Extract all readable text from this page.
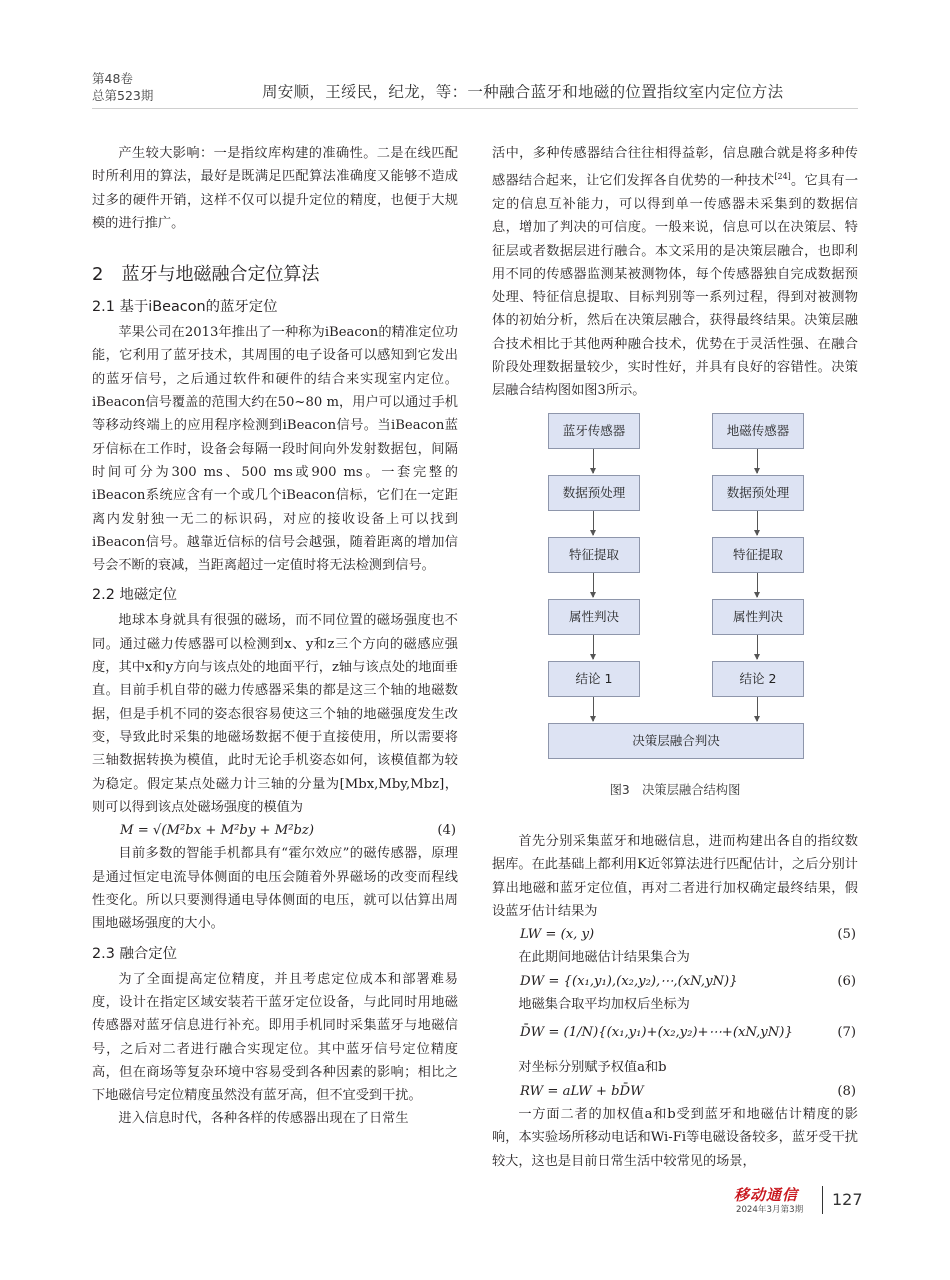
第48卷
总第523期	周安顺，王绥民，纪龙，等：一种融合蓝牙和地磁的位置指纹室内定位方法

产生较大影响：一是指纹库构建的准确性。二是在线匹配时所利用的算法，最好是既满足匹配算法准确度又能够不造成过多的硬件开销，这样不仅可以提升定位的精度，也便于大规模的进行推广。

2　蓝牙与地磁融合定位算法
2.1 基于iBeacon的蓝牙定位

苹果公司在2013年推出了一种称为iBeacon的精准定位功能，它利用了蓝牙技术，其周围的电子设备可以感知到它发出的蓝牙信号，之后通过软件和硬件的结合来实现室内定位。iBeacon信号覆盖的范围大约在50~80 m，用户可以通过手机等移动终端上的应用程序检测到iBeacon信号。当iBeacon蓝牙信标在工作时，设备会每隔一段时间向外发射数据包，间隔时间可分为300 ms、500 ms或900 ms。一套完整的iBeacon系统应含有一个或几个iBeacon信标，它们在一定距离内发射独一无二的标识码，对应的接收设备上可以找到iBeacon信号。越靠近信标的信号会越强，随着距离的增加信号会不断的衰减，当距离超过一定值时将无法检测到信号。

2.2 地磁定位

地球本身就具有很强的磁场，而不同位置的磁场强度也不同。通过磁力传感器可以检测到x、y和z三个方向的磁感应强度，其中x和y方向与该点处的地面平行，z轴与该点处的地面垂直。目前手机自带的磁力传感器采集的都是这三个轴的地磁数据，但是手机不同的姿态很容易使这三个轴的地磁强度发生改变，导致此时采集的地磁场数据不便于直接使用，所以需要将三轴数据转换为模值，此时无论手机姿态如何，该模值都为较为稳定。假定某点处磁力计三轴的分量为[Mbx,Mby,Mbz]，则可以得到该点处磁场强度的模值为

M = √(M²bx + M²by + M²bz)	(4)

目前多数的智能手机都具有“霍尔效应”的磁传感器，原理是通过恒定电流导体侧面的电压会随着外界磁场的改变而程线性变化。所以只要测得通电导体侧面的电压，就可以估算出周围地磁场强度的大小。

2.3 融合定位

为了全面提高定位精度，并且考虑定位成本和部署难易度，设计在指定区域安装若干蓝牙定位设备，与此同时用地磁传感器对蓝牙信息进行补充。即用手机同时采集蓝牙与地磁信号，之后对二者进行融合实现定位。其中蓝牙信号定位精度高，但在商场等复杂环境中容易受到各种因素的影响；相比之下地磁信号定位精度虽然没有蓝牙高，但不宜受到干扰。

进入信息时代，各种各样的传感器出现在了日常生

活中，多种传感器结合往往相得益彰，信息融合就是将多种传感器结合起来，让它们发挥各自优势的一种技术[24]。它具有一定的信息互补能力，可以得到单一传感器未采集到的数据信息，增加了判决的可信度。一般来说，信息可以在决策层、特征层或者数据层进行融合。本文采用的是决策层融合，也即利用不同的传感器监测某被测物体，每个传感器独自完成数据预处理、特征信息提取、目标判别等一系列过程，得到对被测物体的初始分析，然后在决策层融合，获得最终结果。决策层融合技术相比于其他两种融合技术，优势在于灵活性强、在融合阶段处理数据量较少，实时性好，并具有良好的容错性。决策层融合结构图如图3所示。

蓝牙传感器	地磁传感器
数据预处理	数据预处理
特征提取	特征提取
属性判决	属性判决
结论 1	结论 2
决策层融合判决
图3　决策层融合结构图

首先分别采集蓝牙和地磁信息，进而构建出各自的指纹数据库。在此基础上都利用K近邻算法进行匹配估计，之后分别计算出地磁和蓝牙定位值，再对二者进行加权确定最终结果，假设蓝牙估计结果为

LW = (x, y)	(5)

在此期间地磁估计结果集合为

DW = {(x₁,y₁),(x₂,y₂),⋯,(xN,yN)}	(6)

地磁集合取平均加权后坐标为

D̄W = (1/N){(x₁,y₁)+(x₂,y₂)+⋯+(xN,yN)}	(7)

对坐标分别赋予权值a和b

RW = aLW + bD̄W	(8)

一方面二者的加权值a和b受到蓝牙和地磁估计精度的影响，本实验场所移动电话和Wi-Fi等电磁设备较多，蓝牙受干扰较大，这也是目前日常生活中较常见的场景，

移动通信
2024年3月第3期
127
